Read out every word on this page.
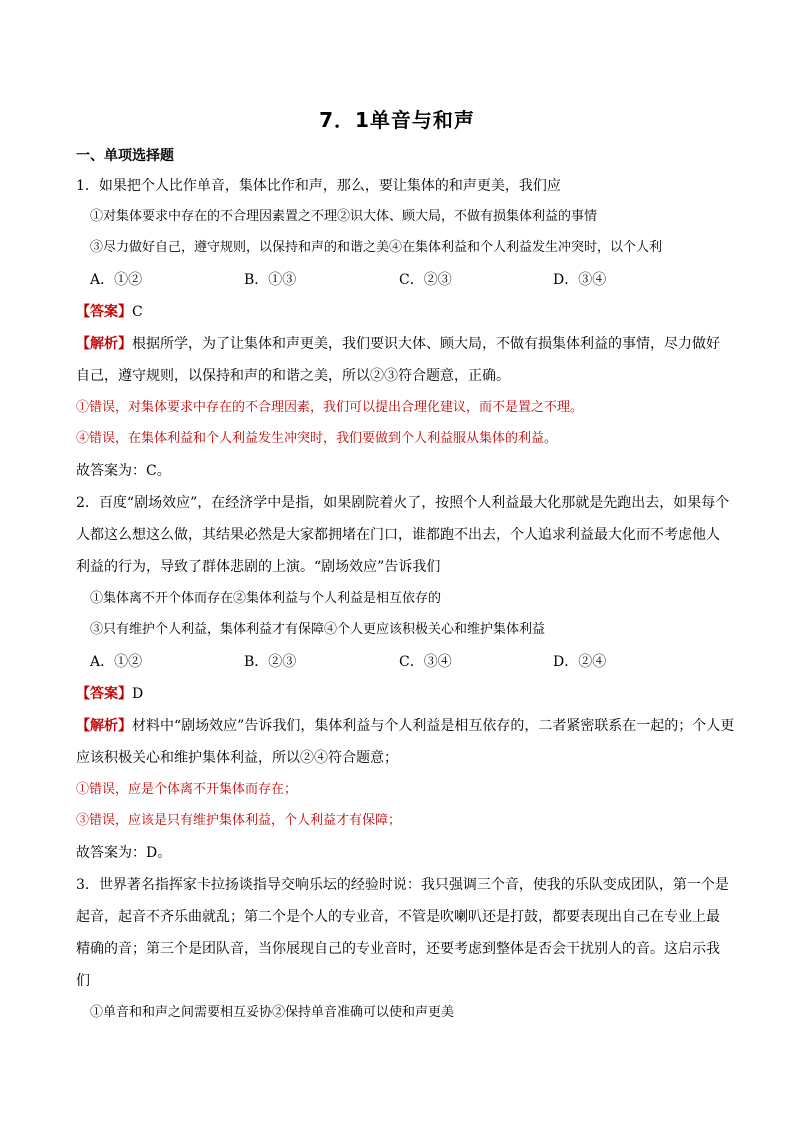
7．1单音与和声
一、单项选择题
1．如果把个人比作单音，集体比作和声，那么，要让集体的和声更美，我们应
①对集体要求中存在的不合理因素置之不理②识大体、顾大局，不做有损集体利益的事情
③尽力做好自己，遵守规则，以保持和声的和谐之美④在集体利益和个人利益发生冲突时，以个人利
A．①②	B．①③	C．②③	D．③④
【答案】C
【解析】根据所学，为了让集体和声更美，我们要识大体、顾大局，不做有损集体利益的事情，尽力做好
自己，遵守规则，以保持和声的和谐之美，所以②③符合题意，正确。
①错误，对集体要求中存在的不合理因素，我们可以提出合理化建议，而不是置之不理。
④错误，在集体利益和个人利益发生冲突时，我们要做到个人利益服从集体的利益。
故答案为：C。
2．百度“剧场效应”，在经济学中是指，如果剧院着火了，按照个人利益最大化那就是先跑出去，如果每个
人都这么想这么做，其结果必然是大家都拥堵在门口，谁都跑不出去，个人追求利益最大化而不考虑他人
利益的行为，导致了群体悲剧的上演。“剧场效应”告诉我们
①集体离不开个体而存在②集体利益与个人利益是相互依存的
③只有维护个人利益，集体利益才有保障④个人更应该积极关心和维护集体利益
A．①②	B．②③	C．③④	D．②④
【答案】D
【解析】材料中“剧场效应”告诉我们，集体利益与个人利益是相互依存的，二者紧密联系在一起的；个人更
应该积极关心和维护集体利益，所以②④符合题意；
①错误，应是个体离不开集体而存在；
③错误，应该是只有维护集体利益，个人利益才有保障；
故答案为：D。
3．世界著名指挥家卡拉扬谈指导交响乐坛的经验时说：我只强调三个音，使我的乐队变成团队，第一个是
起音，起音不齐乐曲就乱；第二个是个人的专业音，不管是吹喇叭还是打鼓，都要表现出自己在专业上最
精确的音；第三个是团队音，当你展现自己的专业音时，还要考虑到整体是否会干扰别人的音。这启示我
们
①单音和和声之间需要相互妥协②保持单音准确可以使和声更美
